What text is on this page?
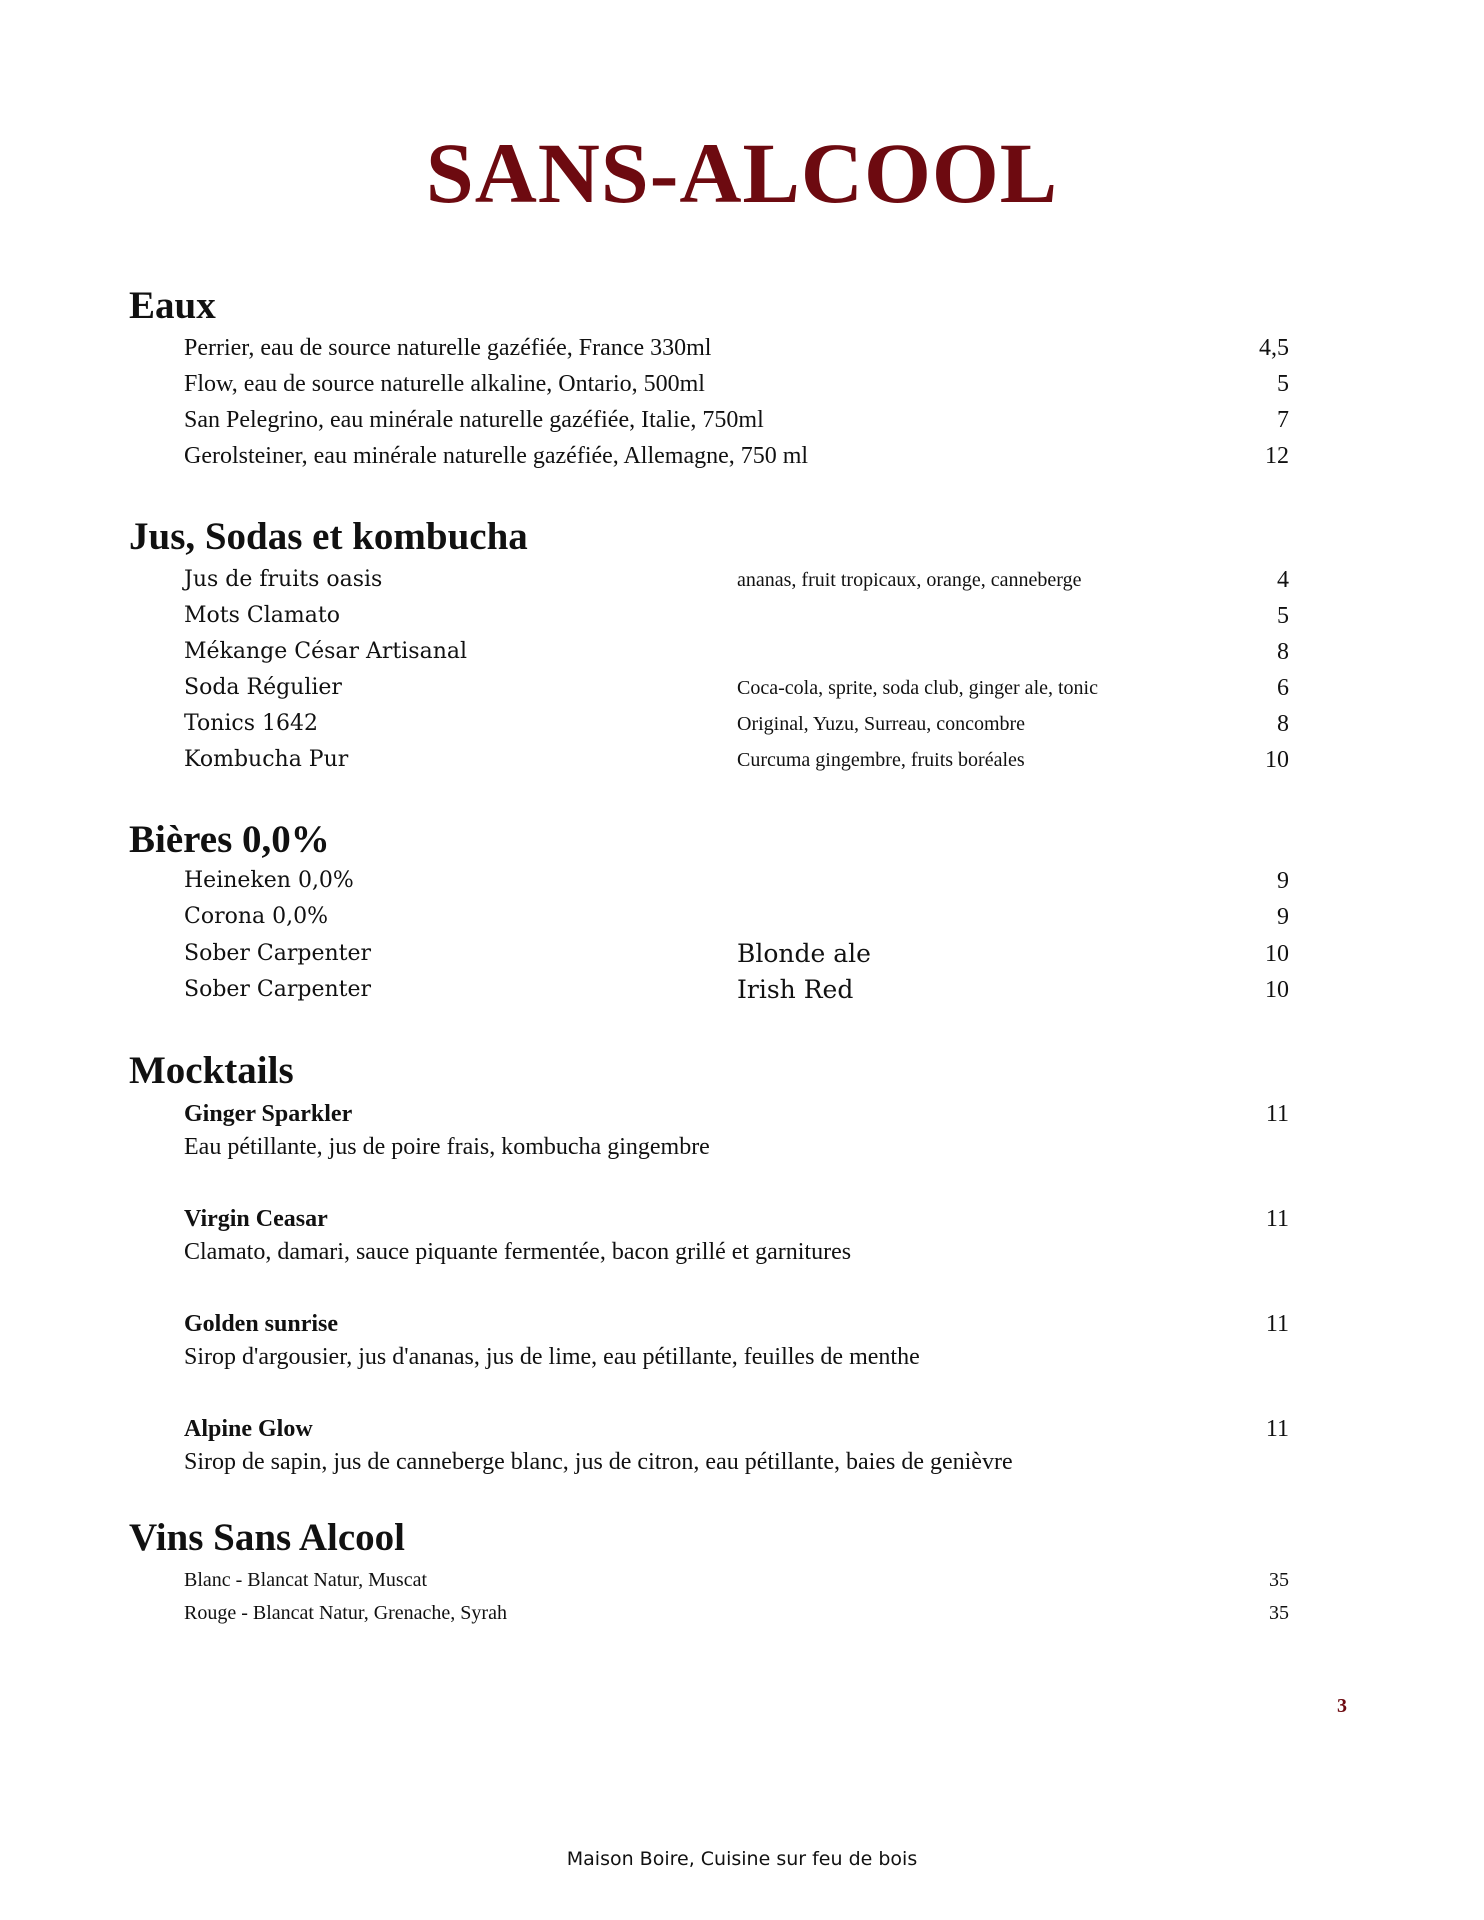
SANS-ALCOOL
Eaux
Perrier, eau de source naturelle gazéfiée, France 330ml	4,5
Flow, eau de source naturelle alkaline, Ontario, 500ml	5
San Pelegrino, eau minérale naturelle gazéfiée, Italie, 750ml	7
Gerolsteiner, eau minérale naturelle gazéfiée, Allemagne, 750 ml	12
Jus, Sodas et kombucha
Jus de fruits oasis	ananas, fruit tropicaux, orange, canneberge	4
Mots Clamato	5
Mékange César Artisanal	8
Soda Régulier	Coca-cola, sprite, soda club, ginger ale, tonic	6
Tonics 1642	Original, Yuzu, Surreau, concombre	8
Kombucha Pur	Curcuma gingembre, fruits boréales	10
Bières 0,0%
Heineken 0,0%	9
Corona 0,0%	9
Sober Carpenter	Blonde ale	10
Sober Carpenter	Irish Red	10
Mocktails
Ginger Sparkler	11
Eau pétillante, jus de poire frais, kombucha gingembre
Virgin Ceasar	11
Clamato, damari, sauce piquante fermentée, bacon grillé et garnitures
Golden sunrise	11
Sirop d'argousier, jus d'ananas, jus de lime, eau pétillante, feuilles de menthe
Alpine Glow	11
Sirop de sapin, jus de canneberge blanc, jus de citron, eau pétillante, baies de genièvre
Vins Sans Alcool
Blanc - Blancat Natur, Muscat	35
Rouge - Blancat Natur, Grenache, Syrah	35
3
Maison Boire, Cuisine sur feu de bois
